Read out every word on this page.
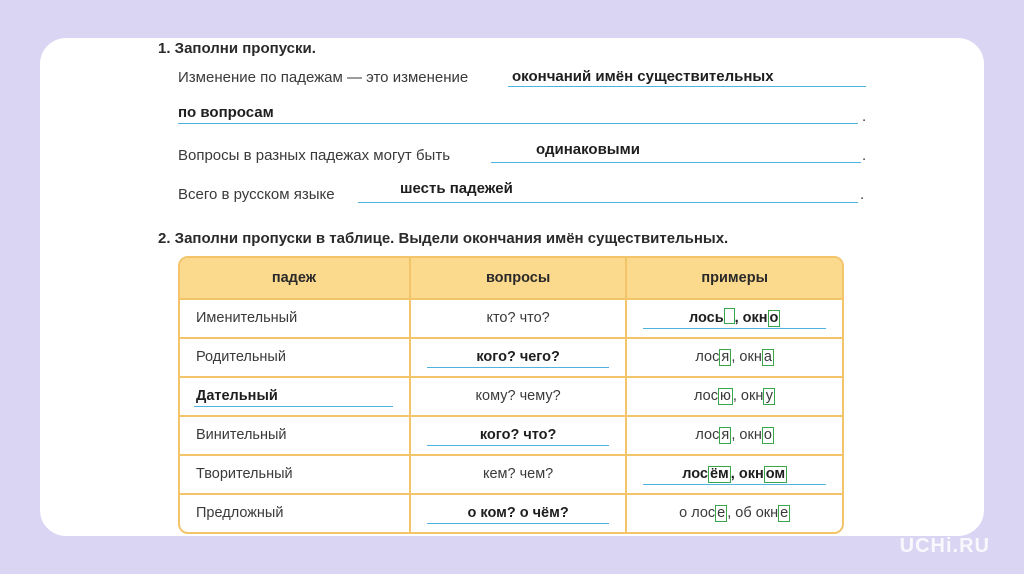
1. Заполни пропуски.
Изменение по падежам — это изменение	окончаний имён существительных
по вопросам	.
Вопросы в разных падежах могут быть	одинаковыми	.
Всего в русском языке	шесть падежей	.
2. Заполни пропуски в таблице. Выдели окончания имён существительных.
падеж	вопросы	примеры

Именительный	кто? что?	лось , окн о

Родительный	кого? чего?	лос я , окн а

Дательный	кому? чему?	лос ю , окн у

Винительный	кого? что?	лос я , окн о

Творительный	кем? чем?	лос ём , окн ом

Предложный	о ком? о чём?	о лос е , об окн е
UCHi.RU
